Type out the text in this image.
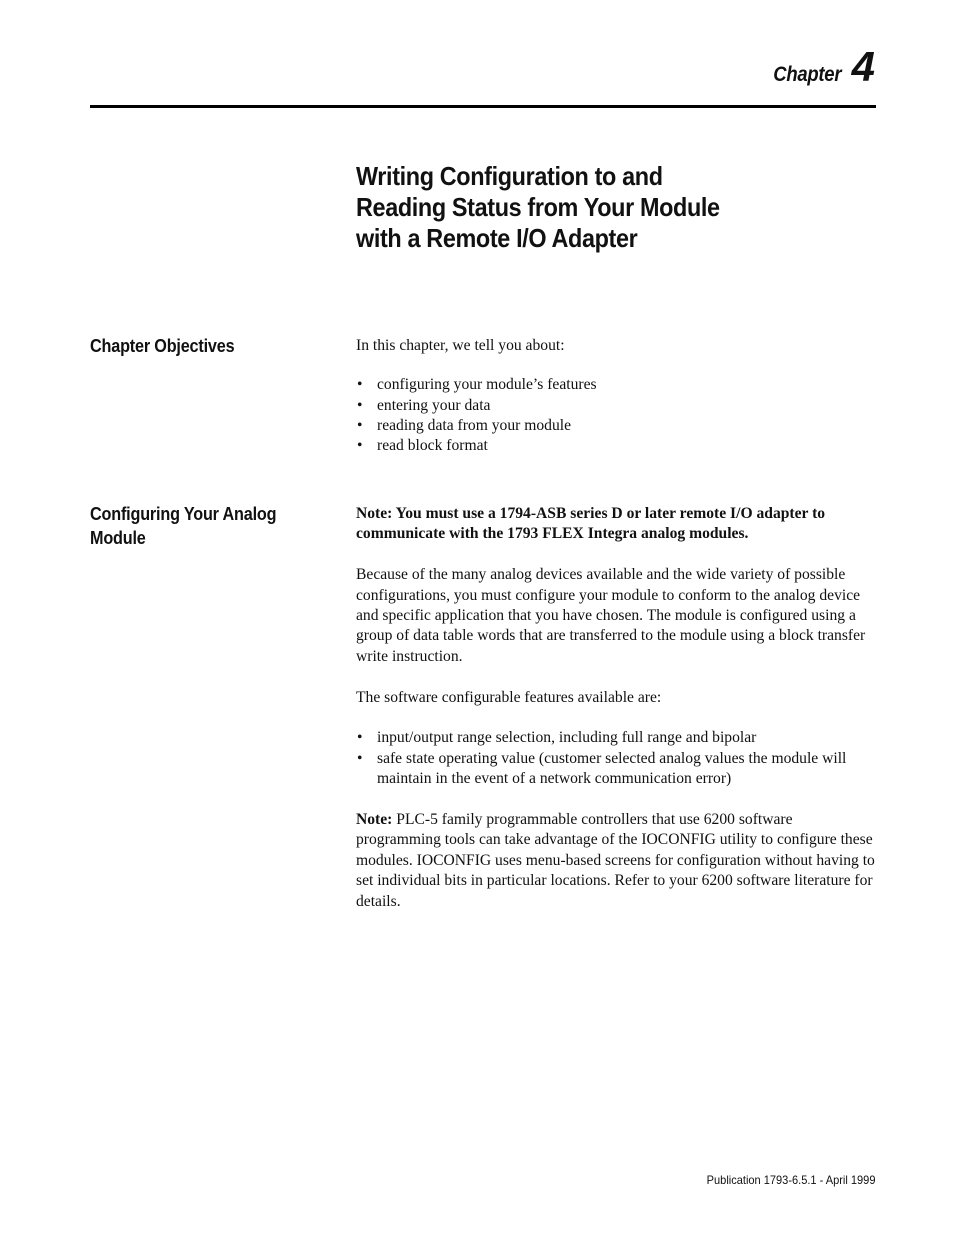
Chapter 4
Writing Configuration to and
Reading Status from Your Module
with a Remote I/O Adapter
Chapter Objectives	In this chapter, we tell you about:

• configuring your module’s features
• entering your data
• reading data from your module
• read block format
Configuring Your Analog
Module

Note: You must use a 1794-ASB series D or later remote I/O adapter to communicate with the 1793 FLEX Integra analog modules.

Because of the many analog devices available and the wide variety of possible configurations, you must configure your module to conform to the analog device and specific application that you have chosen. The module is configured using a group of data table words that are transferred to the module using a block transfer write instruction.

The software configurable features available are:

• input/output range selection, including full range and bipolar
• safe state operating value (customer selected analog values the module will maintain in the event of a network communication error)

Note: PLC-5 family programmable controllers that use 6200 software programming tools can take advantage of the IOCONFIG utility to configure these modules. IOCONFIG uses menu-based screens for configuration without having to set individual bits in particular locations. Refer to your 6200 software literature for details.

Publication 1793-6.5.1 - April 1999
